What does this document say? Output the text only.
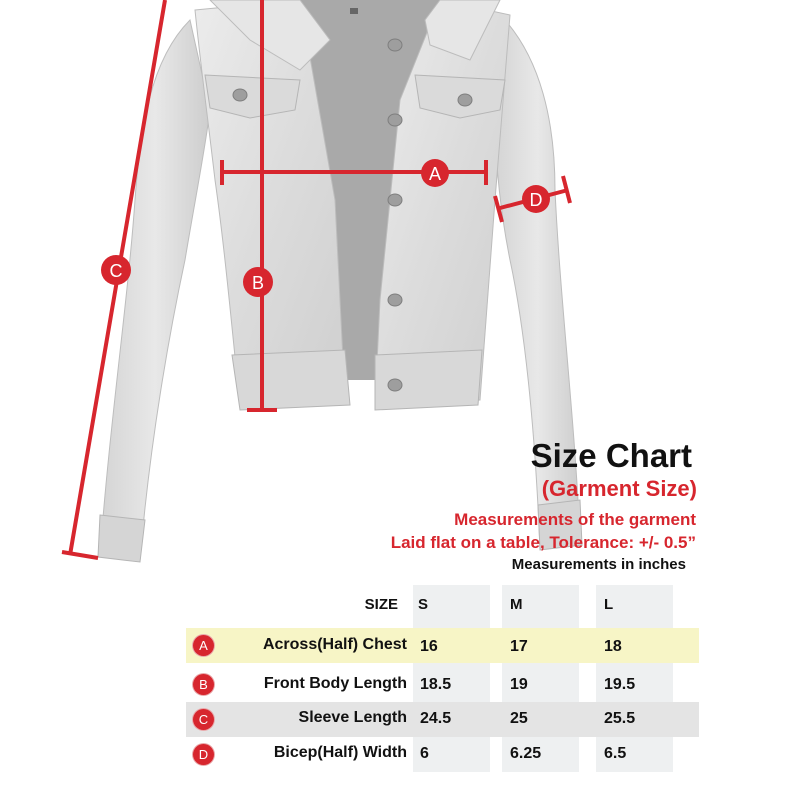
A
B
C
D
Size Chart
(Garment Size)
Measurements of the garment
Laid flat on a table, Tolerance: +/- 0.5”
Measurements in inches
SIZE S	M	L
A	Across(Half) Chest 16	17	18
B	Front Body Length 18.5	19	19.5
C	Sleeve Length 24.5	25	25.5
D	Bicep(Half) Width 6	6.25	6.5
